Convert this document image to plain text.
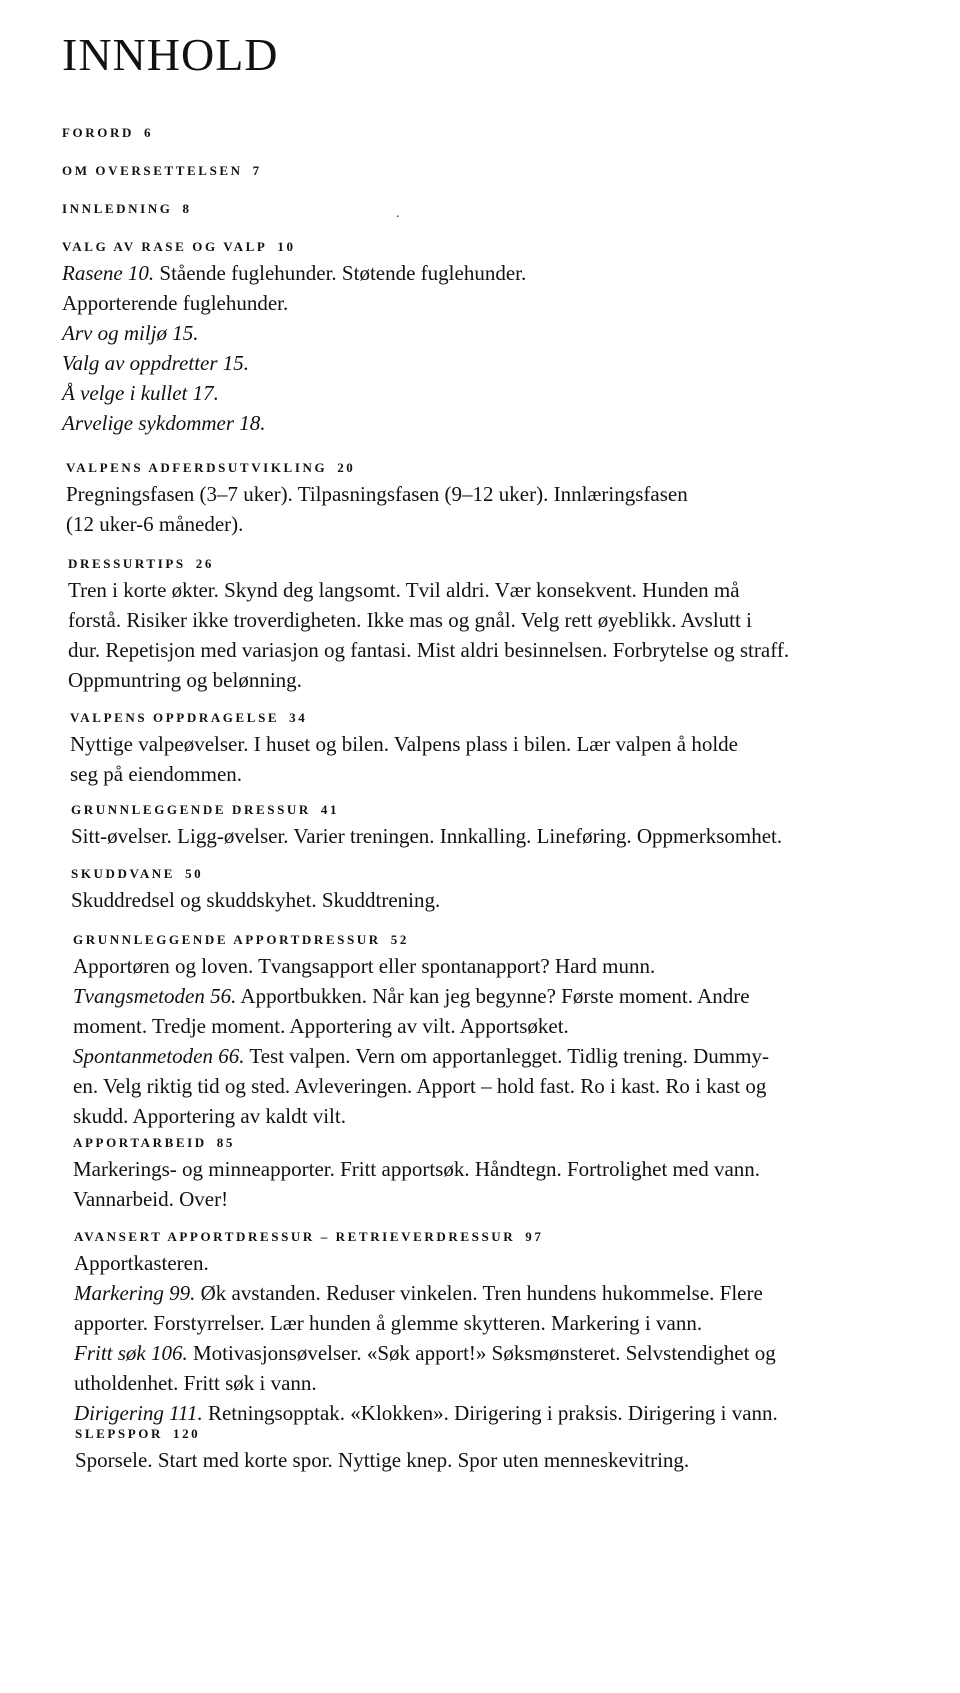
INNHOLD
FORORD 6
OM OVERSETTELSEN 7
INNLEDNING 8
VALG AV RASE OG VALP 10

Rasene 10. Stående fuglehunder. Støtende fuglehunder.

Apporterende fuglehunder.

Arv og miljø 15.

Valg av oppdretter 15.

Å velge i kullet 17.

Arvelige sykdommer 18.

VALPENS ADFERDSUTVIKLING 20

Pregningsfasen (3–7 uker). Tilpasningsfasen (9–12 uker). Innlæringsfasen

(12 uker-6 måneder).

DRESSURTIPS 26

Tren i korte økter. Skynd deg langsomt. Tvil aldri. Vær konsekvent. Hunden må

forstå. Risiker ikke troverdigheten. Ikke mas og gnål. Velg rett øyeblikk. Avslutt i

dur. Repetisjon med variasjon og fantasi. Mist aldri besinnelsen. Forbrytelse og straff.

Oppmuntring og belønning.

VALPENS OPPDRAGELSE 34

Nyttige valpeøvelser. I huset og bilen. Valpens plass i bilen. Lær valpen å holde

seg på eiendommen.

GRUNNLEGGENDE DRESSUR 41

Sitt-øvelser. Ligg-øvelser. Varier treningen. Innkalling. Lineføring. Oppmerksomhet.

SKUDDVANE 50

Skuddredsel og skuddskyhet. Skuddtrening.

GRUNNLEGGENDE APPORTDRESSUR 52

Apportøren og loven. Tvangsapport eller spontanapport? Hard munn.

Tvangsmetoden 56. Apportbukken. Når kan jeg begynne? Første moment. Andre

moment. Tredje moment. Apportering av vilt. Apportsøket.

Spontanmetoden 66. Test valpen. Vern om apportanlegget. Tidlig trening. Dummy-

en. Velg riktig tid og sted. Avleveringen. Apport – hold fast. Ro i kast. Ro i kast og

skudd. Apportering av kaldt vilt.

APPORTARBEID 85

Markerings- og minneapporter. Fritt apportsøk. Håndtegn. Fortrolighet med vann.

Vannarbeid. Over!

AVANSERT APPORTDRESSUR – RETRIEVERDRESSUR 97

Apportkasteren.

Markering 99. Øk avstanden. Reduser vinkelen. Tren hundens hukommelse. Flere

apporter. Forstyrrelser. Lær hunden å glemme skytteren. Markering i vann.

Fritt søk 106. Motivasjonsøvelser. «Søk apport!» Søksmønsteret. Selvstendighet og

utholdenhet. Fritt søk i vann.

Dirigering 111. Retningsopptak. «Klokken». Dirigering i praksis. Dirigering i vann.

SLEPSPOR 120

Sporsele. Start med korte spor. Nyttige knep. Spor uten menneskevitring.

.
